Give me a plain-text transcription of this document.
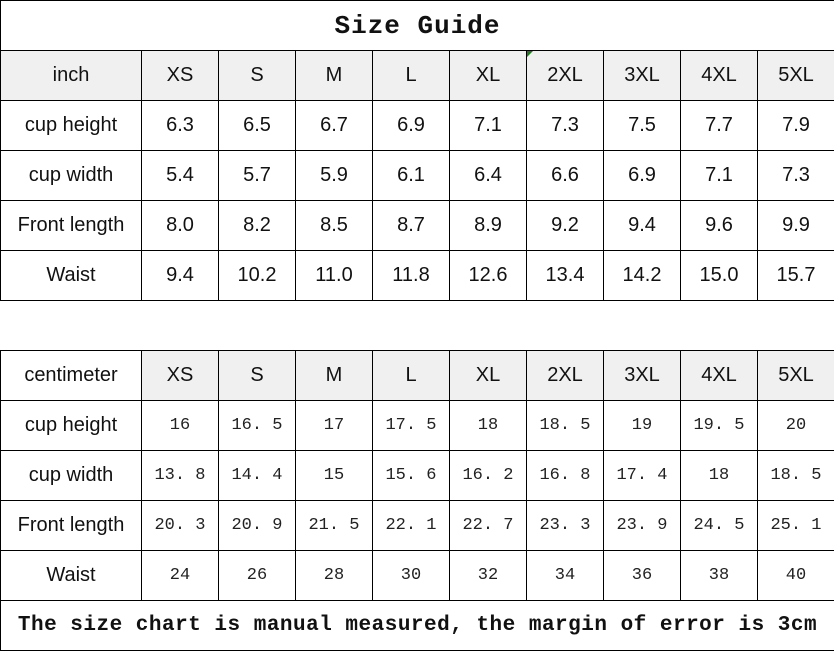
Size Guide									
inch	XS	S	M	L	XL	2XL	3XL	4XL	5XL
cup height	6.3	6.5	6.7	6.9	7.1	7.3	7.5	7.7	7.9
cup width	5.4	5.7	5.9	6.1	6.4	6.6	6.9	7.1	7.3
Front length	8.0	8.2	8.5	8.7	8.9	9.2	9.4	9.6	9.9
Waist	9.4	10.2	11.0	11.8	12.6	13.4	14.2	15.0	15.7

centimeter	XS	S	M	L	XL	2XL	3XL	4XL	5XL
cup height	16	16. 5	17	17. 5	18	18. 5	19	19. 5	20
cup width	13. 8	14. 4	15	15. 6	16. 2	16. 8	17. 4	18	18. 5
Front length	20. 3	20. 9	21. 5	22. 1	22. 7	23. 3	23. 9	24. 5	25. 1
Waist	24	26	28	30	32	34	36	38	40
The size chart is manual measured, the margin of error is 3cm									
